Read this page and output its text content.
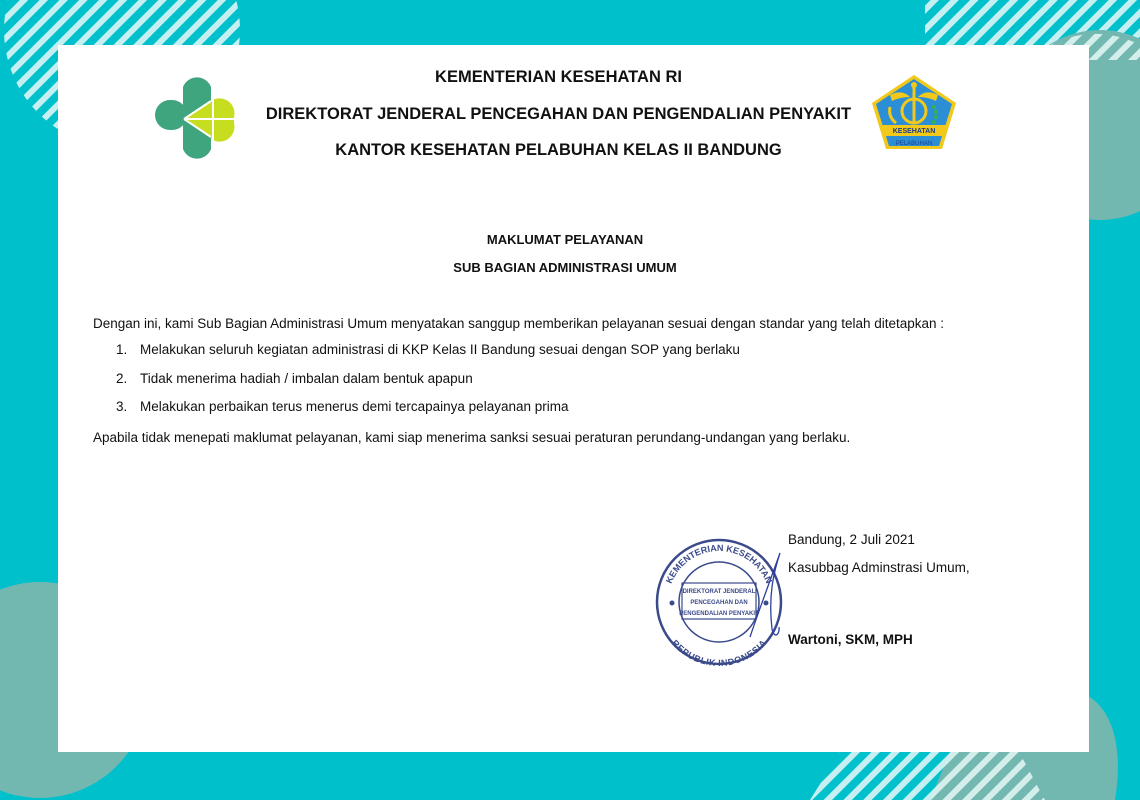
KEMENTERIAN KESEHATAN RI
DIREKTORAT JENDERAL PENCEGAHAN DAN PENGENDALIAN PENYAKIT
KANTOR KESEHATAN PELABUHAN KELAS II BANDUNG
KESEHATAN
PELABUHAN
MAKLUMAT PELAYANAN
SUB BAGIAN ADMINISTRASI UMUM
Dengan ini, kami Sub Bagian Administrasi Umum menyatakan sanggup memberikan pelayanan sesuai dengan standar yang telah ditetapkan :
1. Melakukan seluruh kegiatan administrasi di KKP Kelas II Bandung sesuai dengan SOP yang berlaku
2. Tidak menerima hadiah / imbalan dalam bentuk apapun
3. Melakukan perbaikan terus menerus demi tercapainya pelayanan prima
Apabila tidak menepati maklumat pelayanan, kami siap menerima sanksi sesuai peraturan perundang-undangan yang berlaku.
KEMENTERIAN KESEHATAN
REPUBLIK INDONESIA
DIREKTORAT JENDERAL
PENCEGAHAN DAN
PENGENDALIAN PENYAKIT
Bandung, 2 Juli 2021
Kasubbag Adminstrasi Umum,
Wartoni, SKM, MPH
